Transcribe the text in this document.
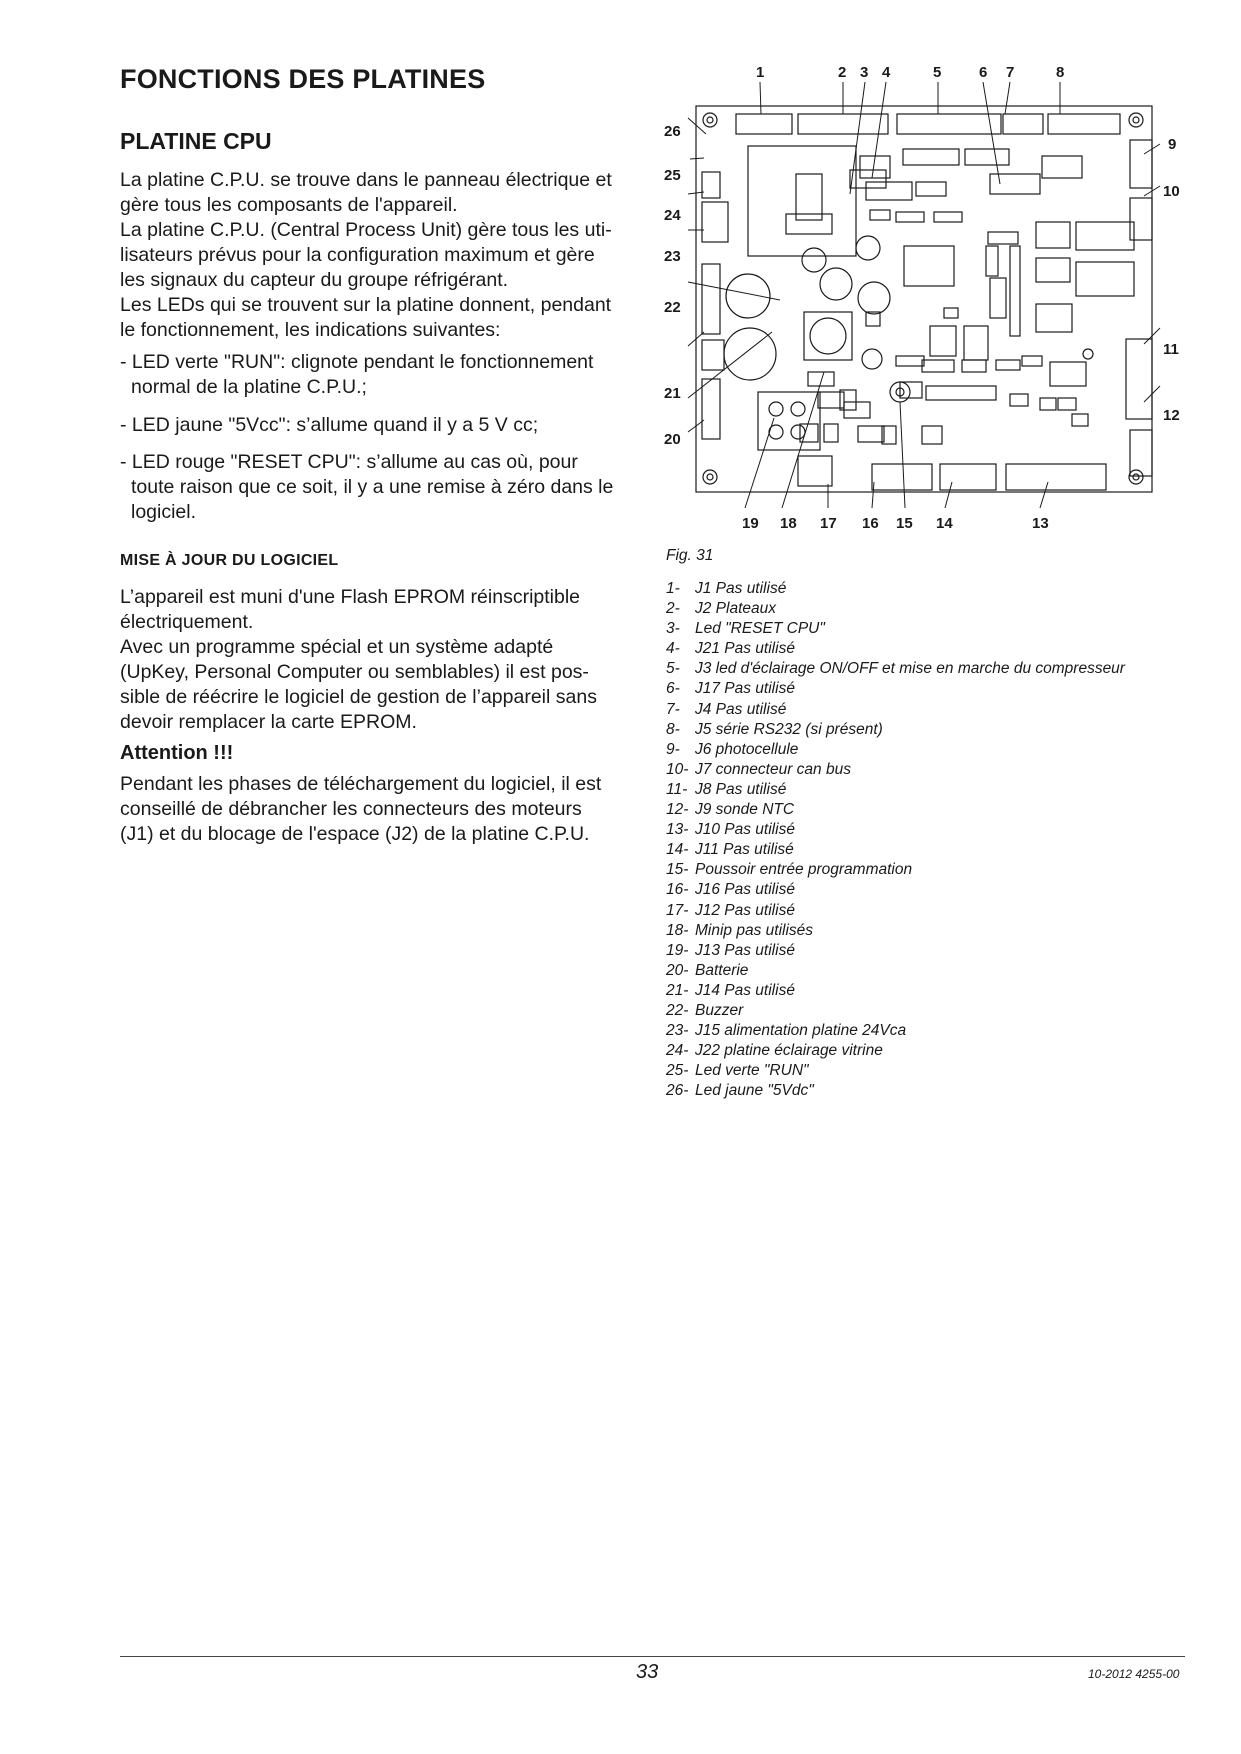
FONCTIONS DES PLATINES
PLATINE CPU
La platine C.P.U. se trouve dans le panneau électrique et
gère tous les composants de l'appareil.
La platine C.P.U. (Central Process Unit) gère tous les uti-
lisateurs prévus pour la configuration maximum et gère
les signaux du capteur du groupe réfrigérant.
Les LEDs qui se trouvent sur la platine donnent, pendant
le fonctionnement, les indications suivantes:
- LED verte "RUN": clignote pendant le fonctionnement
normal de la platine C.P.U.;
- LED jaune "5Vcc": s’allume quand il y a 5 V cc;
- LED rouge "RESET CPU": s’allume au cas où, pour
toute raison que ce soit, il y a une remise à zéro dans le
logiciel.
MISE À JOUR DU LOGICIEL
L’appareil est muni d'une Flash EPROM réinscriptible
électriquement.
Avec un programme spécial et un système adapté
(UpKey, Personal Computer ou semblables) il est pos-
sible de réécrire le logiciel de gestion de l’appareil sans
devoir remplacer la carte EPROM.
Attention !!!
Pendant les phases de téléchargement du logiciel, il est
conseillé de débrancher les connecteurs des moteurs
(J1) et du blocage de l'espace (J2) de la platine C.P.U.
1	2 3 4	5	6 7	8
9
10
11
12
13
14
15
16
17
18
19
20
21
22
23
24
25
26
Fig. 31
1- J1 Pas utilisé
2- J2 Plateaux
3- Led "RESET CPU"
4- J21 Pas utilisé
5- J3 led d'éclairage ON/OFF et mise en marche du compresseur
6- J17 Pas utilisé
7- J4 Pas utilisé
8- J5 série RS232 (si présent)
9- J6 photocellule
10- J7 connecteur can bus
11- J8 Pas utilisé
12- J9 sonde NTC
13- J10 Pas utilisé
14- J11 Pas utilisé
15- Poussoir entrée programmation
16- J16 Pas utilisé
17- J12 Pas utilisé
18- Minip pas utilisés
19- J13 Pas utilisé
20- Batterie
21- J14 Pas utilisé
22- Buzzer
23- J15 alimentation platine 24Vca
24- J22 platine éclairage vitrine
25- Led verte "RUN"
26- Led jaune "5Vdc"
33	10-2012 4255-00
